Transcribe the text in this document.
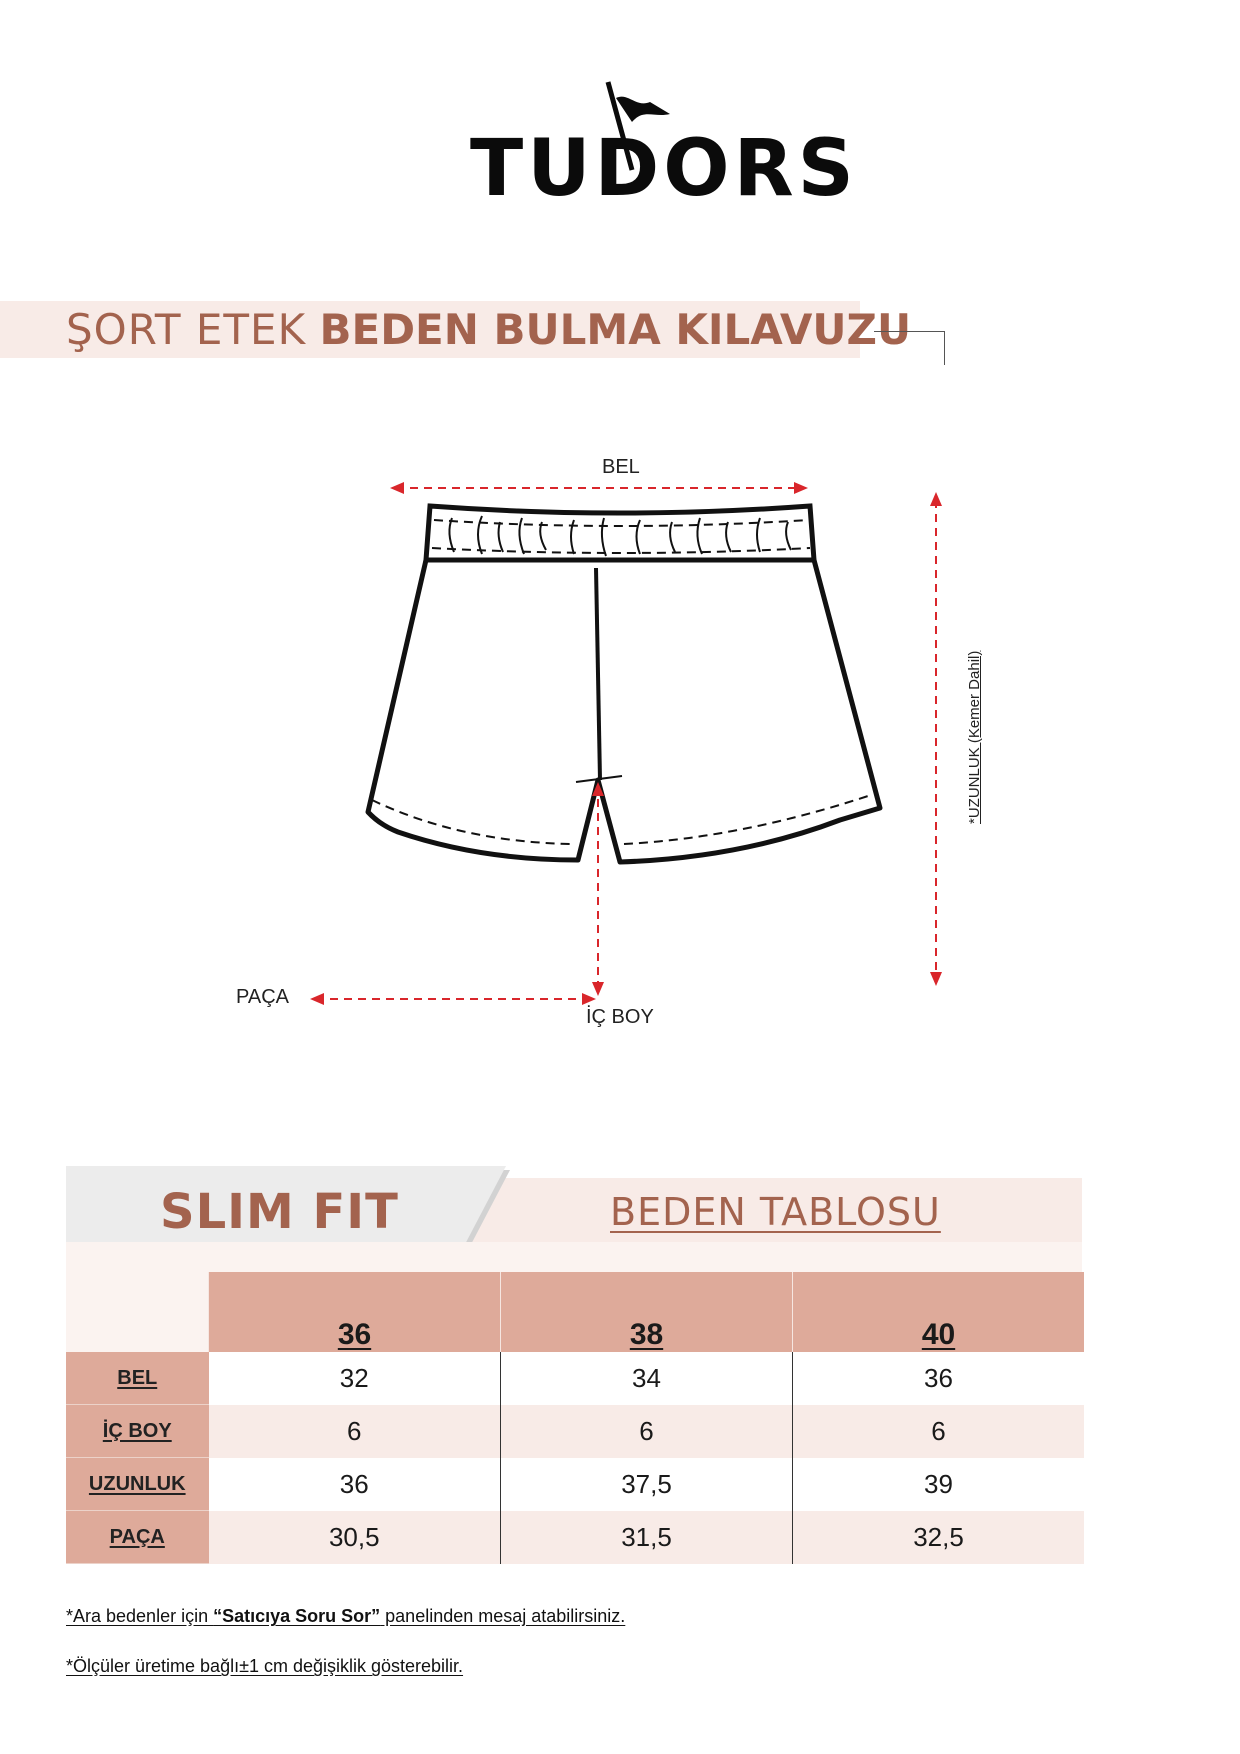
TUDORS
ŞORT ETEK BEDEN BULMA KILAVUZU
BEL
*UZUNLUK (Kemer Dahil)
PAÇA
İÇ BOY
BEDEN TABLOSU
SLIM FIT
	36	38	40
BEL	32	34	36
İÇ BOY	6	6	6
UZUNLUK	36	37,5	39
PAÇA	30,5	31,5	32,5
*Ara bedenler için “Satıcıya Soru Sor” panelinden mesaj atabilirsiniz.
*Ölçüler üretime bağlı±1 cm değişiklik gösterebilir.
